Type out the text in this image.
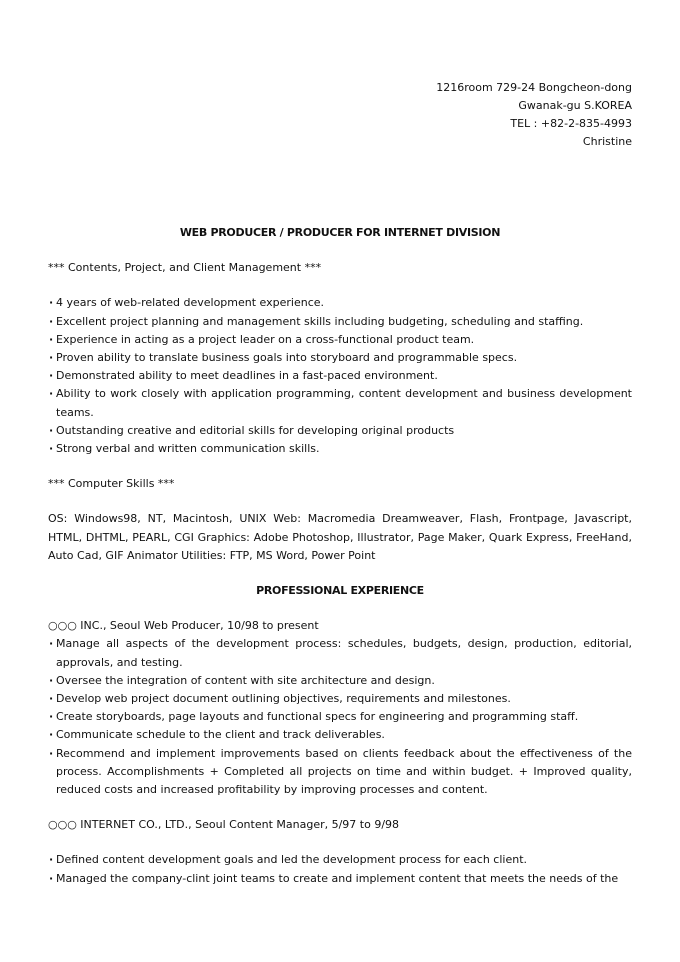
1216room 729-24 Bongcheon-dong
Gwanak-gu S.KOREA
TEL : +82-2-835-4993
Christine
WEB PRODUCER / PRODUCER FOR INTERNET DIVISION
*** Contents, Project, and Client Management ***
· 4 years of web-related development experience.
· Excellent project planning and management skills including budgeting, scheduling and staffing.
· Experience in acting as a project leader on a cross-functional product team.
· Proven ability to translate business goals into storyboard and programmable specs.
· Demonstrated ability to meet deadlines in a fast-paced environment.
· Ability to work closely with application programming, content development and business development teams.
· Outstanding creative and editorial skills for developing original products
· Strong verbal and written communication skills.
*** Computer Skills ***

OS: Windows98, NT, Macintosh, UNIX Web: Macromedia Dreamweaver, Flash, Frontpage, Javascript, HTML, DHTML, PEARL, CGI Graphics: Adobe Photoshop, Illustrator, Page Maker, Quark Express, FreeHand, Auto Cad, GIF Animator Utilities: FTP, MS Word, Power Point

PROFESSIONAL EXPERIENCE
○○○ INC., Seoul Web Producer, 10/98 to present
· Manage all aspects of the development process: schedules, budgets, design, production, editorial, approvals, and testing.
· Oversee the integration of content with site architecture and design.
· Develop web project document outlining objectives, requirements and milestones.
· Create storyboards, page layouts and functional specs for engineering and programming staff.
· Communicate schedule to the client and track deliverables.
· Recommend and implement improvements based on clients feedback about the effectiveness of the process. Accomplishments + Completed all projects on time and within budget. + Improved quality, reduced costs and increased profitability by improving processes and content.
○○○ INTERNET CO., LTD., Seoul Content Manager, 5/97 to 9/98
· Defined content development goals and led the development process for each client.
· Managed the company-clint joint teams to create and implement content that meets the needs of the
